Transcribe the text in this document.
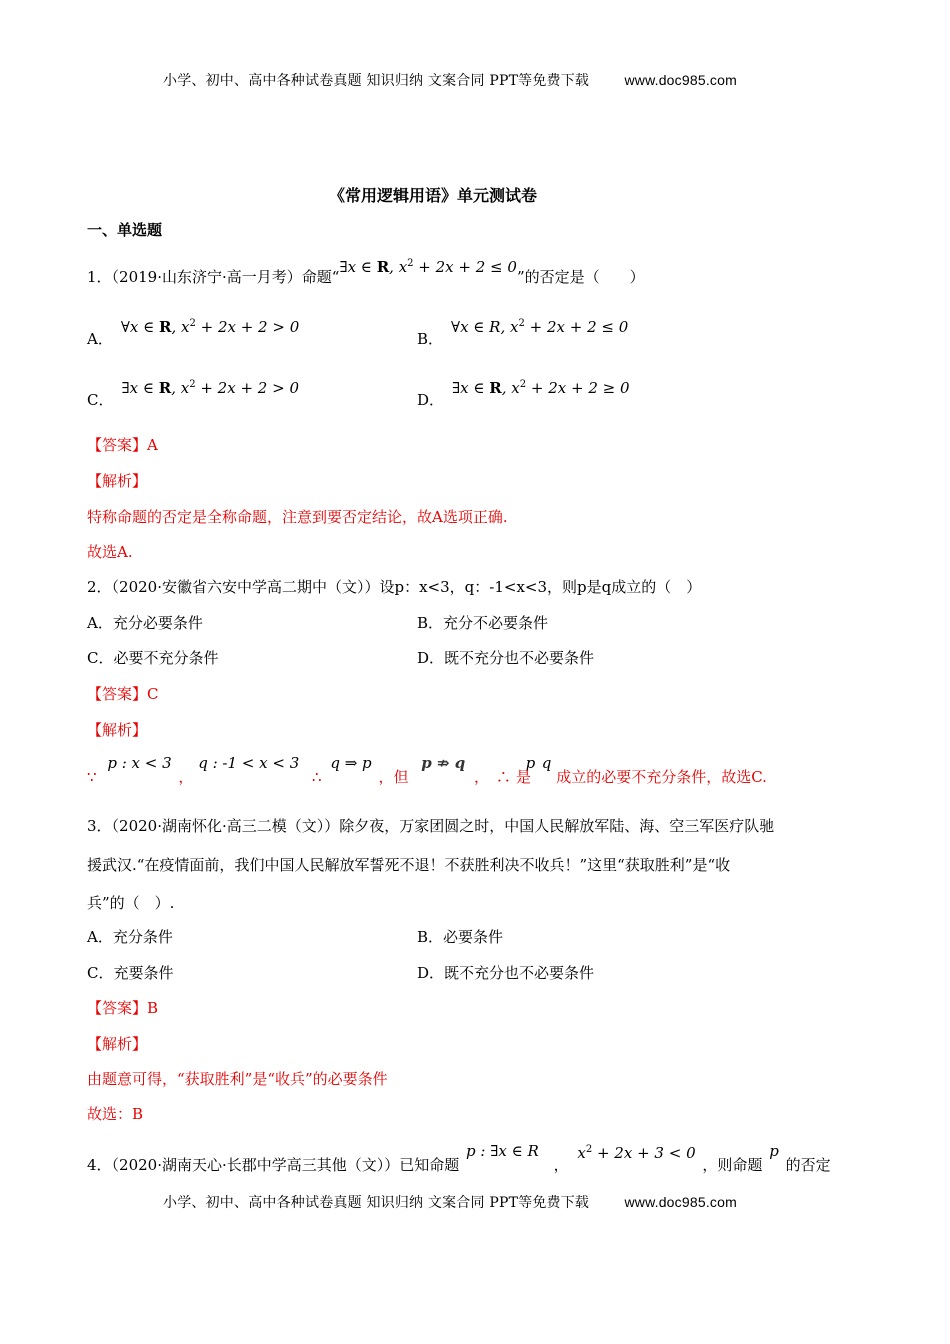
小学、初中、高中各种试卷真题 知识归纳 文案合同 PPT等免费下载	www.doc985.com
《常用逻辑用语》单元测试卷
一、单选题
1．（2019·山东济宁·高一月考）命题“∃x ∈ R, $x^2 + 2x + 2 \le 0$”的否定是（　　）
A．∀x ∈ R, $x^2 + 2x + 2 > 0$
B．∀x ∈ R, $x^2 + 2x + 2 \le 0$
C．∃x ∈ R, $x^2 + 2x + 2 > 0$
D．∃x ∈ R, $x^2 + 2x + 2 \ge 0$
【答案】A
【解析】
特称命题的否定是全称命题，注意到要否定结论，故A选项正确.
故选A.
2．（2020·安徽省六安中学高二期中（文））设p：x<3，q：-1<x<3，则p是q成立的（　）
A．充分必要条件	B．充分不必要条件
C．必要不充分条件	D．既不充分也不必要条件
【答案】C
【解析】
∵ p : x < 3 ， q : -1 < x < 3 ∴ q ⇒ p ，但 p ⇏ q ， ∴ p 是 q 成立的必要不充分条件，故选C.
3．（2020·湖南怀化·高三二模（文））除夕夜，万家团圆之时，中国人民解放军陆、海、空三军医疗队驰
援武汉.“在疫情面前，我们中国人民解放军誓死不退！不获胜利决不收兵！”这里“获取胜利”是“收
兵”的（　）.
A．充分条件	B．必要条件
C．充要条件	D．既不充分也不必要条件
【答案】B
【解析】
由题意可得，“获取胜利”是“收兵”的必要条件
故选：B
4．（2020·湖南天心·长郡中学高三其他（文））已知命题 p : ∃x ∈ R ， $x^2 + 2x + 3 < 0$ ，则命题 p 的否定
小学、初中、高中各种试卷真题 知识归纳 文案合同 PPT等免费下载	www.doc985.com
